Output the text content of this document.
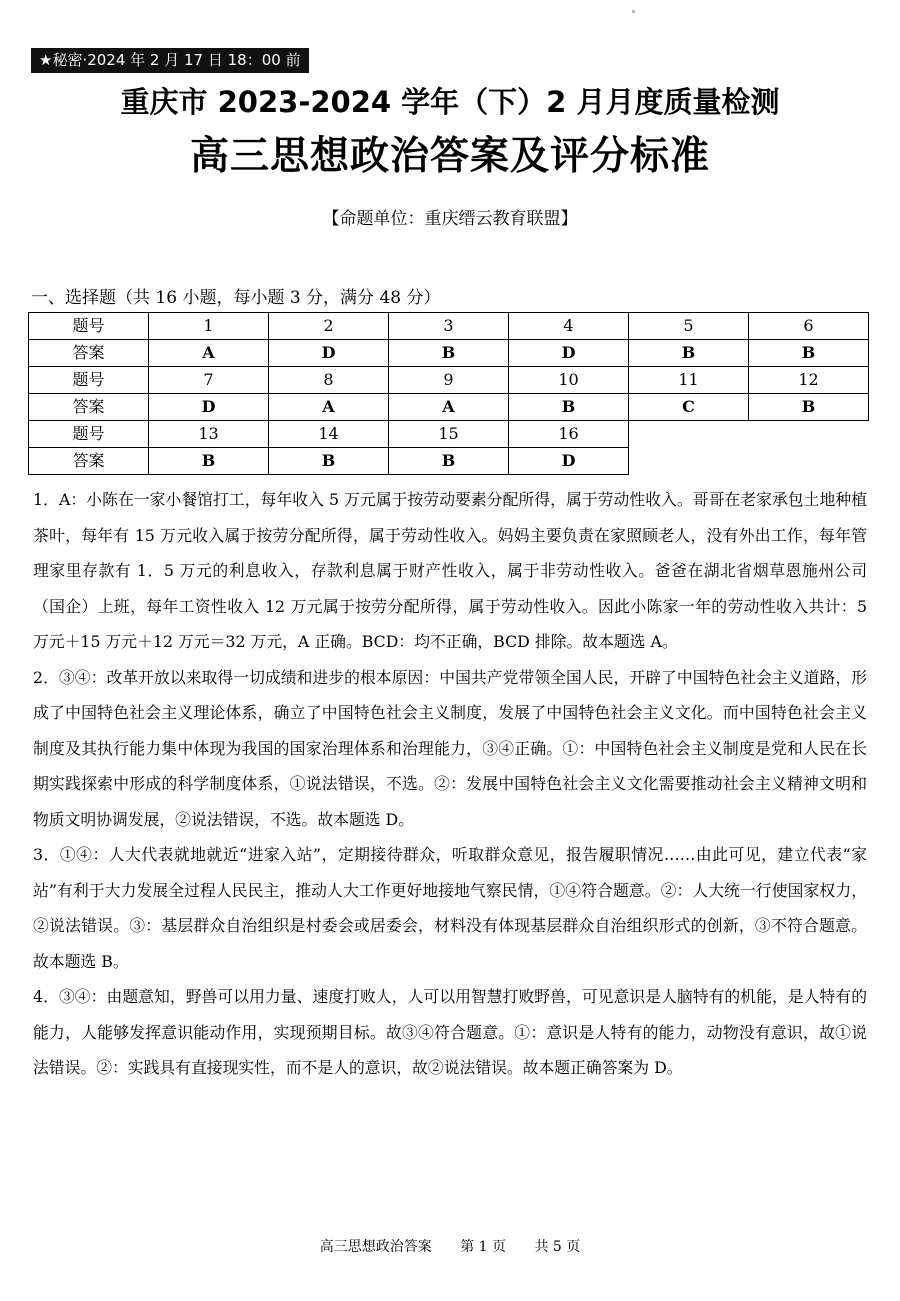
★秘密·2024 年 2 月 17 日 18：00 前
重庆市 2023-2024 学年（下）2 月月度质量检测
高三思想政治答案及评分标准
【命题单位：重庆缙云教育联盟】
一、选择题（共 16 小题，每小题 3 分，满分 48 分）
题号	1	2	3	4	5	6
答案	A	D	B	D	B	B
题号	7	8	9	10	11	12
答案	D	A	A	B	C	B
题号	13	14	15	16		
答案	B	B	B	D		

1．A：小陈在一家小餐馆打工，每年收入 5 万元属于按劳动要素分配所得，属于劳动性收入。哥哥在老家承包土地种植茶叶，每年有 15 万元收入属于按劳分配所得，属于劳动性收入。妈妈主要负责在家照顾老人，没有外出工作，每年管理家里存款有 1．5 万元的利息收入，存款利息属于财产性收入，属于非劳动性收入。爸爸在湖北省烟草恩施州公司（国企）上班，每年工资性收入 12 万元属于按劳分配所得，属于劳动性收入。因此小陈家一年的劳动性收入共计：5 万元＋15 万元＋12 万元＝32 万元，A 正确。BCD：均不正确，BCD 排除。故本题选 A。

2．③④：改革开放以来取得一切成绩和进步的根本原因：中国共产党带领全国人民，开辟了中国特色社会主义道路，形成了中国特色社会主义理论体系，确立了中国特色社会主义制度，发展了中国特色社会主义文化。而中国特色社会主义制度及其执行能力集中体现为我国的国家治理体系和治理能力，③④正确。①：中国特色社会主义制度是党和人民在长期实践探索中形成的科学制度体系，①说法错误，不选。②：发展中国特色社会主义文化需要推动社会主义精神文明和物质文明协调发展，②说法错误，不选。故本题选 D。

3．①④：人大代表就地就近“进家入站”，定期接待群众，听取群众意见，报告履职情况……由此可见，建立代表“家站”有利于大力发展全过程人民民主，推动人大工作更好地接地气察民情，①④符合题意。②：人大统一行使国家权力，②说法错误。③：基层群众自治组织是村委会或居委会，材料没有体现基层群众自治组织形式的创新，③不符合题意。故本题选 B。

4．③④：由题意知，野兽可以用力量、速度打败人，人可以用智慧打败野兽，可见意识是人脑特有的机能，是人特有的能力，人能够发挥意识能动作用，实现预期目标。故③④符合题意。①：意识是人特有的能力，动物没有意识，故①说法错误。②：实践具有直接现实性，而不是人的意识，故②说法错误。故本题正确答案为 D。

高三思想政治答案 第 1 页 共 5 页
